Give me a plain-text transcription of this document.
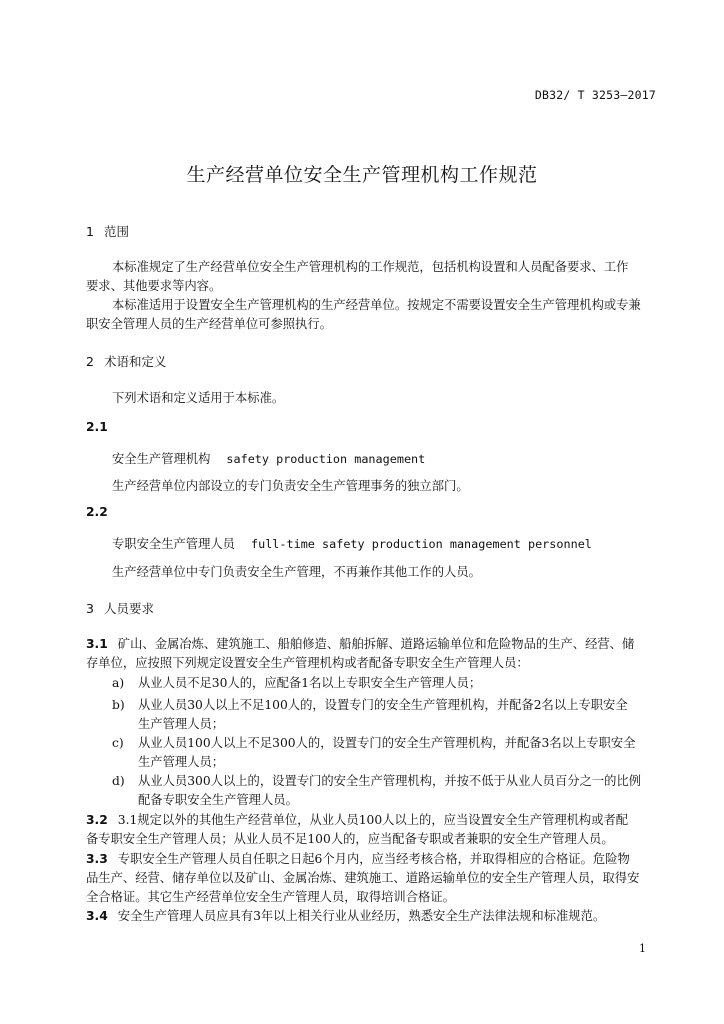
DB32/ T 3253—2017
生产经营单位安全生产管理机构工作规范
1 范围
本标准规定了生产经营单位安全生产管理机构的工作规范，包括机构设置和人员配备要求、工作
要求、其他要求等内容。
本标准适用于设置安全生产管理机构的生产经营单位。按规定不需要设置安全生产管理机构或专兼
职安全管理人员的生产经营单位可参照执行。
2 术语和定义
下列术语和定义适用于本标准。
2.1
安全生产管理机构 safety production management
生产经营单位内部设立的专门负责安全生产管理事务的独立部门。
2.2
专职安全生产管理人员 full-time safety production management personnel
生产经营单位中专门负责安全生产管理，不再兼作其他工作的人员。
3 人员要求
3.1 矿山、金属冶炼、建筑施工、船舶修造、船舶拆解、道路运输单位和危险物品的生产、经营、储
存单位，应按照下列规定设置安全生产管理机构或者配备专职安全生产管理人员：
a) 从业人员不足30人的，应配备1名以上专职安全生产管理人员；
b) 从业人员30人以上不足100人的，设置专门的安全生产管理机构，并配备2名以上专职安全
生产管理人员；
c) 从业人员100人以上不足300人的，设置专门的安全生产管理机构，并配备3名以上专职安全
生产管理人员；
d) 从业人员300人以上的，设置专门的安全生产管理机构，并按不低于从业人员百分之一的比例
配备专职安全生产管理人员。
3.2 3.1规定以外的其他生产经营单位，从业人员100人以上的，应当设置安全生产管理机构或者配
备专职安全生产管理人员；从业人员不足100人的，应当配备专职或者兼职的安全生产管理人员。
3.3 专职安全生产管理人员自任职之日起6个月内，应当经考核合格，并取得相应的合格证。危险物
品生产、经营、储存单位以及矿山、金属冶炼、建筑施工、道路运输单位的安全生产管理人员，取得安
全合格证。其它生产经营单位安全生产管理人员，取得培训合格证。
3.4 安全生产管理人员应具有3年以上相关行业从业经历，熟悉安全生产法律法规和标准规范。
1
